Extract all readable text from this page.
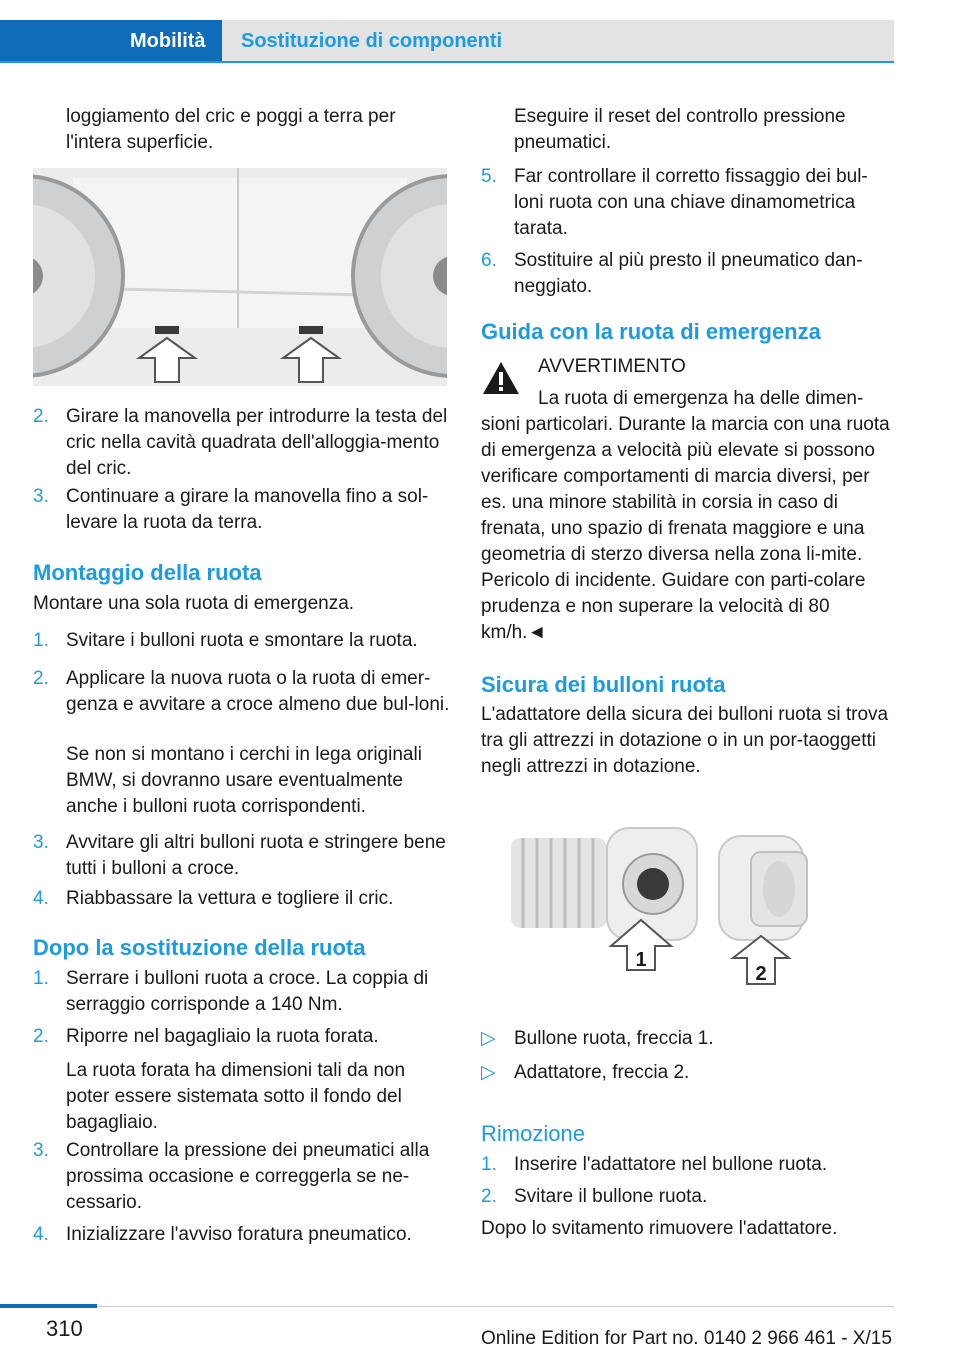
Mobilità Sostituzione di componenti
loggiamento del cric e poggi a terra per l'intera superficie.
2. Girare la manovella per introdurre la testa del cric nella cavità quadrata dell'alloggia-mento del cric.
3. Continuare a girare la manovella fino a sol-levare la ruota da terra.
Montaggio della ruota
Montare una sola ruota di emergenza.
1. Svitare i bulloni ruota e smontare la ruota.
2. Applicare la nuova ruota o la ruota di emer-genza e avvitare a croce almeno due bul-loni.
Se non si montano i cerchi in lega originali BMW, si dovranno usare eventualmente anche i bulloni ruota corrispondenti.
3. Avvitare gli altri bulloni ruota e stringere bene tutti i bulloni a croce.
4. Riabbassare la vettura e togliere il cric.
Dopo la sostituzione della ruota
1. Serrare i bulloni ruota a croce. La coppia di serraggio corrisponde a 140 Nm.
2. Riporre nel bagagliaio la ruota forata.
La ruota forata ha dimensioni tali da non poter essere sistemata sotto il fondo del bagagliaio.
3. Controllare la pressione dei pneumatici alla prossima occasione e correggerla se ne-cessario.
4. Inizializzare l'avviso foratura pneumatico.
Eseguire il reset del controllo pressione pneumatici.
5. Far controllare il corretto fissaggio dei bul-loni ruota con una chiave dinamometrica tarata.
6. Sostituire al più presto il pneumatico dan-neggiato.
Guida con la ruota di emergenza
AVVERTIMENTO
La ruota di emergenza ha delle dimen-
sioni particolari. Durante la marcia con una ruota di emergenza a velocità più elevate si possono verificare comportamenti di marcia diversi, per es. una minore stabilità in corsia in caso di frenata, uno spazio di frenata maggiore e una geometria di sterzo diversa nella zona li-mite. Pericolo di incidente. Guidare con parti-colare prudenza e non superare la velocità di 80 km/h.◄
Sicura dei bulloni ruota
L'adattatore della sicura dei bulloni ruota si trova tra gli attrezzi in dotazione o in un por-taoggetti negli attrezzi in dotazione.
1
2
▷ Bullone ruota, freccia 1.
▷ Adattatore, freccia 2.
Rimozione
1. Inserire l'adattatore nel bullone ruota.
2. Svitare il bullone ruota.
Dopo lo svitamento rimuovere l'adattatore.
310	Online Edition for Part no. 0140 2 966 461 - X/15
